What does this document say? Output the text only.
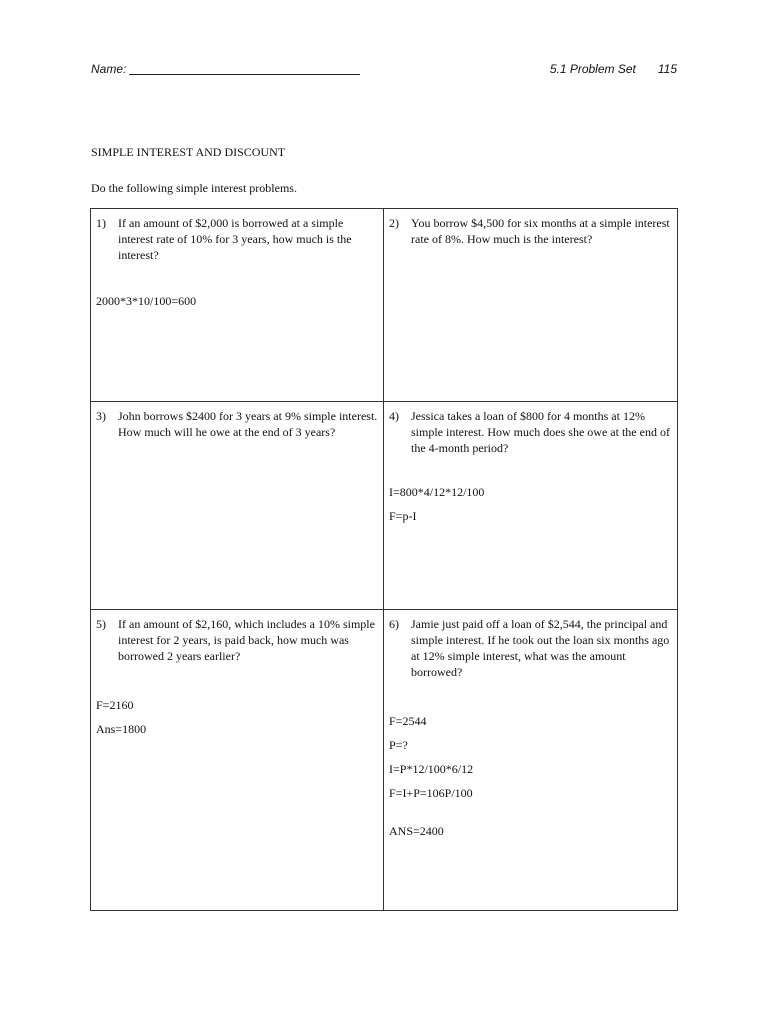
Name:	5.1 Problem Set 115
SIMPLE INTEREST AND DISCOUNT
Do the following simple interest problems.
1)	If an amount of $2,000 is borrowed at a simple interest rate of 10% for 3 years, how much is the interest?
2000*3*10/100=600
2)	You borrow $4,500 for six months at a simple interest rate of 8%. How much is the interest?
3)	John borrows $2400 for 3 years at 9% simple interest. How much will he owe at the end of 3 years?
4)	Jessica takes a loan of $800 for 4 months at 12% simple interest. How much does she owe at the end of the 4-month period?
I=800*4/12*12/100
F=p-I
5)	If an amount of $2,160, which includes a 10% simple interest for 2 years, is paid back, how much was borrowed 2 years earlier?
F=2160
Ans=1800
6)	Jamie just paid off a loan of $2,544, the principal and simple interest. If he took out the loan six months ago at 12% simple interest, what was the amount borrowed?
F=2544
P=?
I=P*12/100*6/12
F=I+P=106P/100
ANS=2400
